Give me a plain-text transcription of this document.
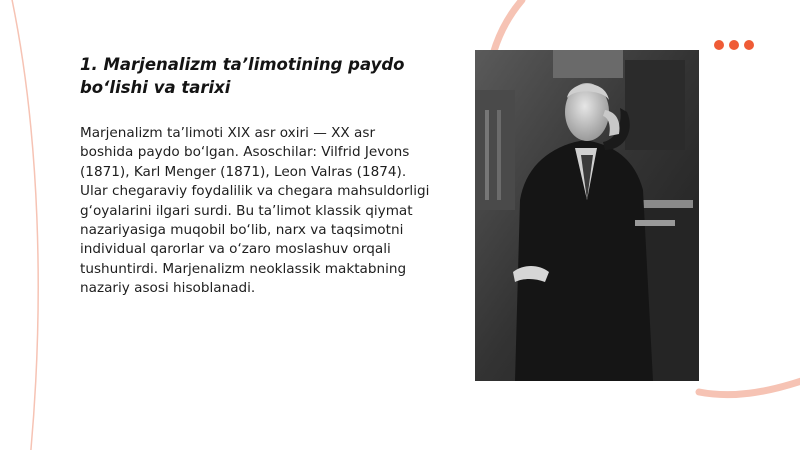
1. Marjenalizm ta’limotining paydo bo‘lishi va tarixi

Marjenalizm ta’limoti XIX asr oxiri — XX asr boshida paydo bo‘lgan. Asoschilar: Vilfrid Jevons (1871), Karl Menger (1871), Leon Valras (1874). Ular chegaraviy foydalilik va chegara mahsuldorligi g‘oyalarini ilgari surdi. Bu ta’limot klassik qiymat nazariyasiga muqobil bo‘lib, narx va taqsimotni individual qarorlar va o‘zaro moslashuv orqali tushuntirdi. Marjenalizm neoklassik maktabning nazariy asosi hisoblanadi.
